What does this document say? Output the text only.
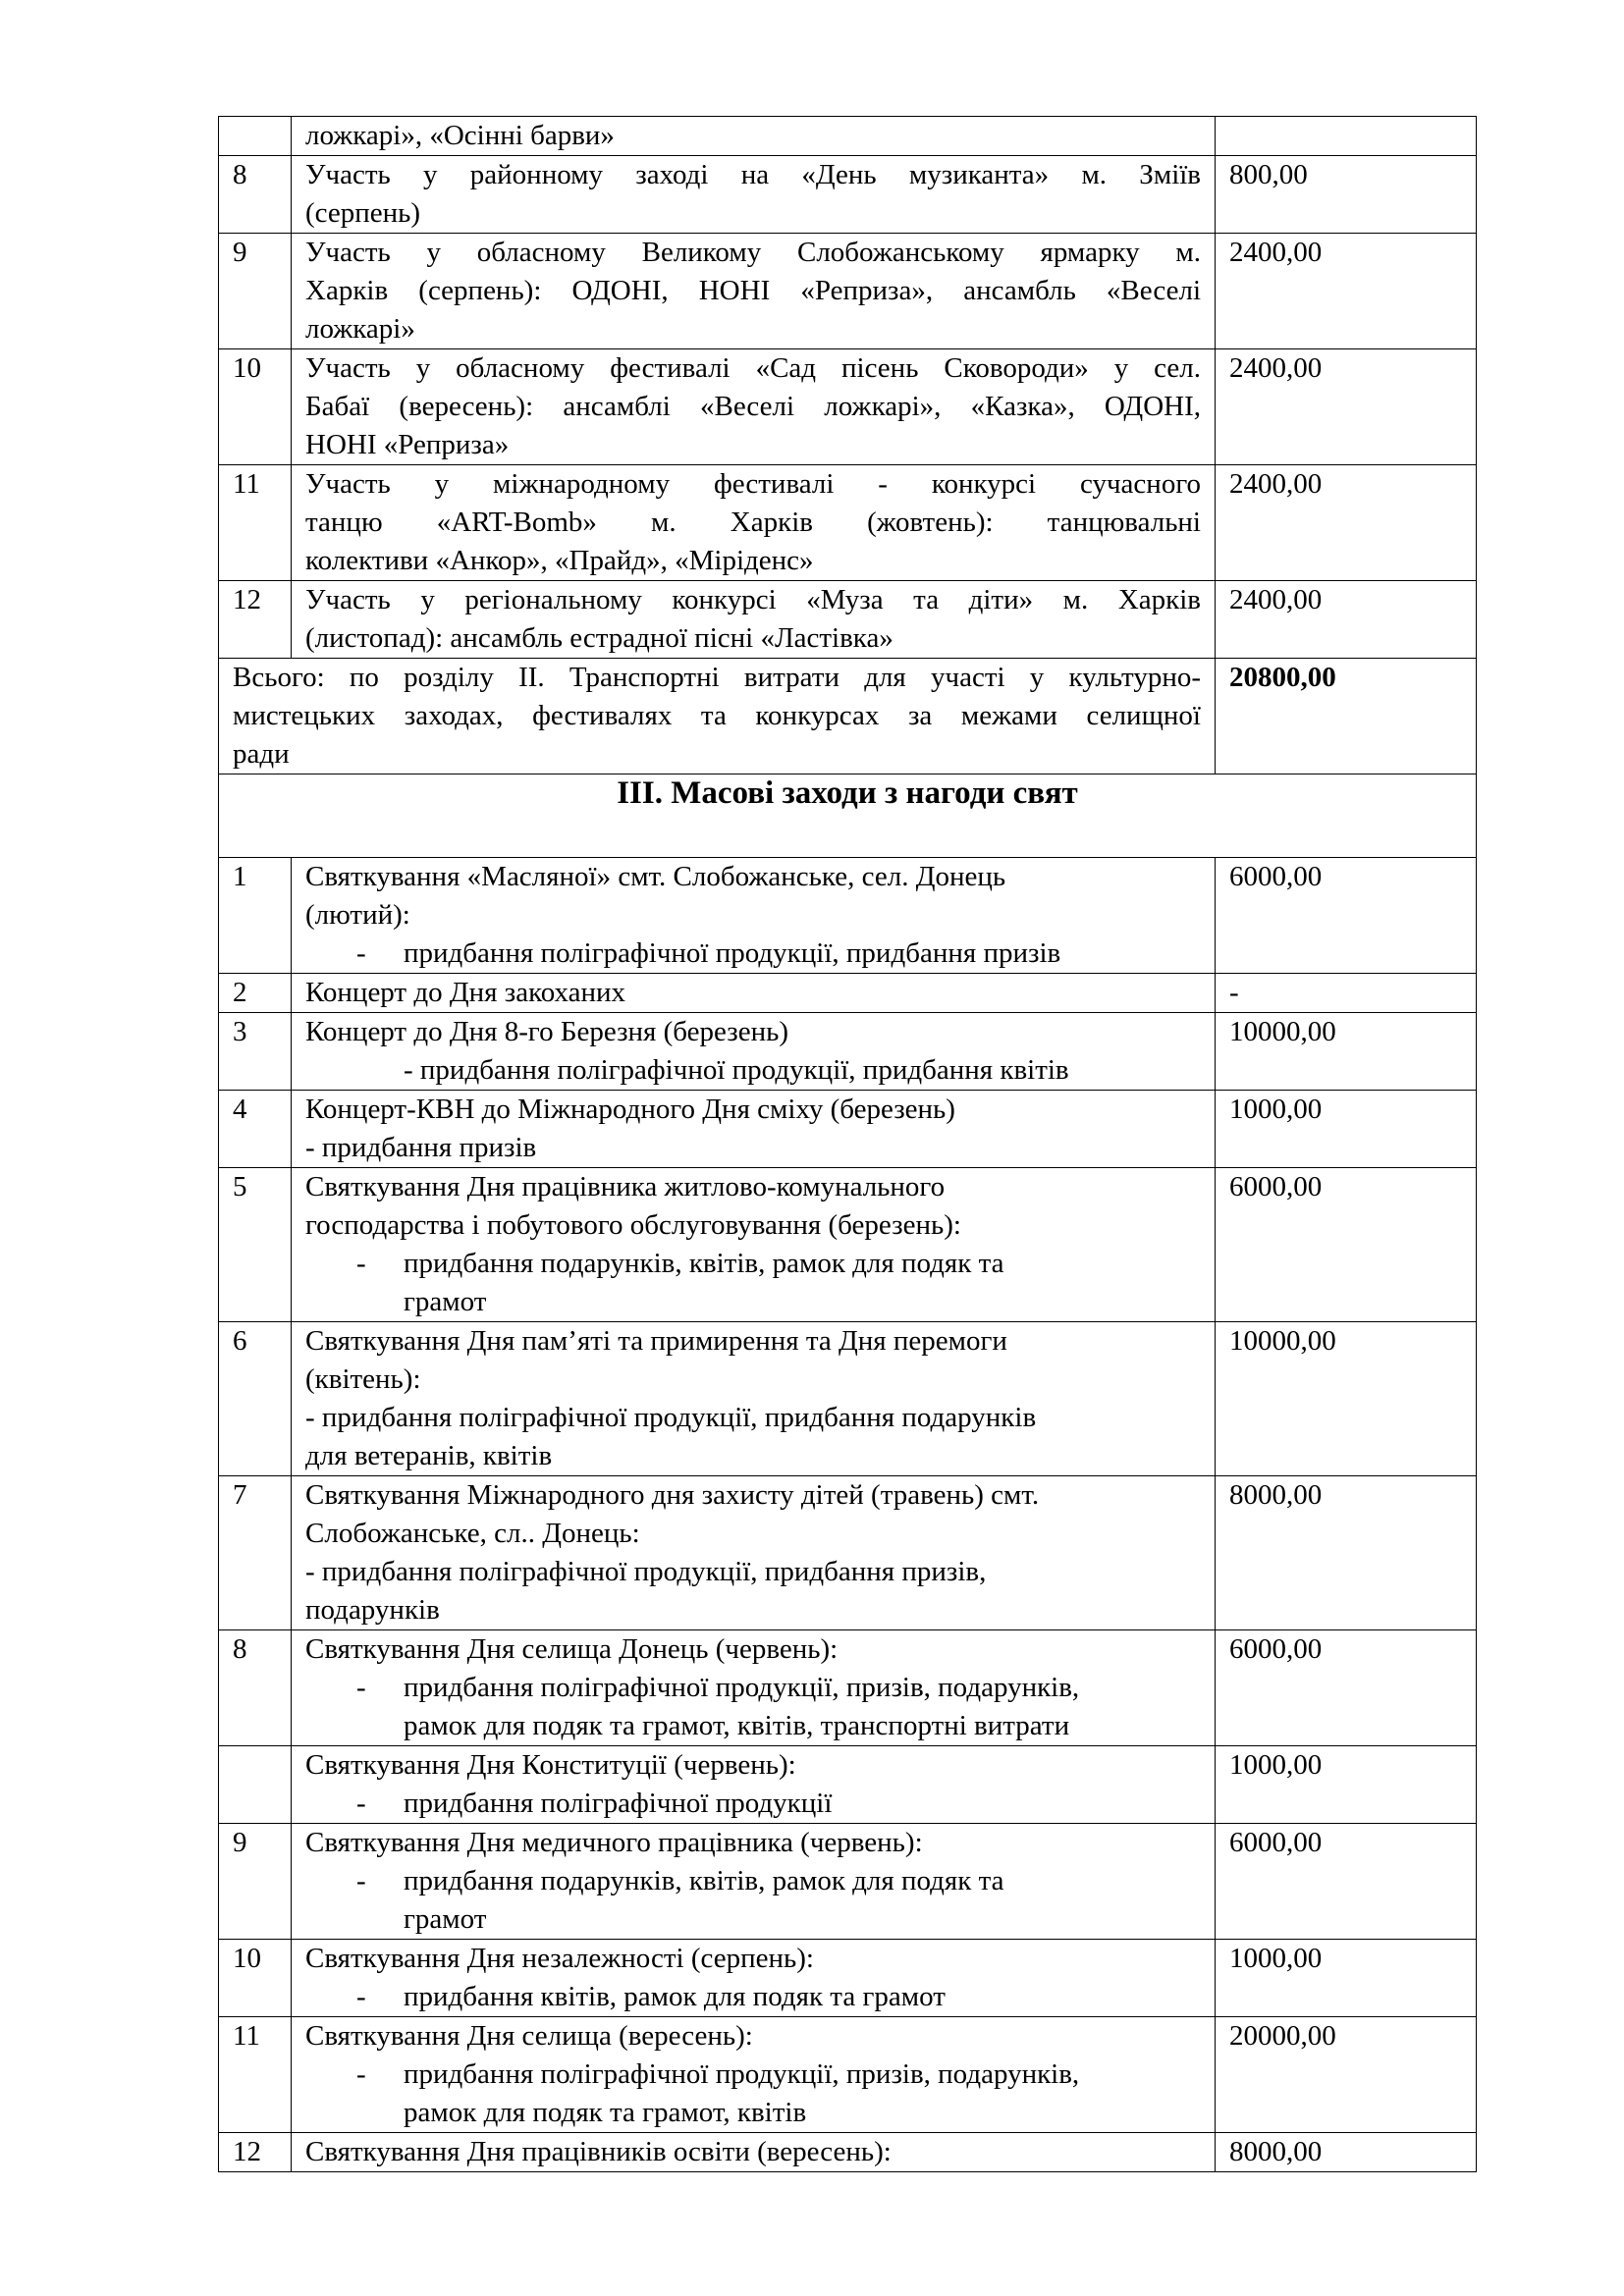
	ложкарі», «Осінні барви»	

8	Участь у районному заході на «День музиканта» м. Зміїв
(серпень)	800,00
9	Участь у обласному Великому Слобожанському ярмарку м.
Харків (серпень): ОДОНІ, НОНІ «Реприза», ансамбль «Веселі
ложкарі»	2400,00
10	Участь у обласному фестивалі «Сад пісень Сковороди» у сел.
Бабаї (вересень): ансамблі «Веселі ложкарі», «Казка», ОДОНІ,
НОНІ «Реприза»	2400,00
11	Участь у міжнародному фестивалі - конкурсі сучасного
танцю «ART-Bomb» м. Харків (жовтень): танцювальні
колективи «Анкор», «Прайд», «Міріденс»	2400,00
12	Участь у регіональному конкурсі «Муза та діти» м. Харків
(листопад): ансамбль естрадної пісні «Ластівка»	2400,00

Всього: по розділу ІІ. Транспортні витрати для участі у культурно-
мистецьких заходах, фестивалях та конкурсах за межами селищної
ради		20800,00
ІІІ. Масові заходи з нагоди свят		
1	Святкування «Масляної» смт. Слобожанське, сел. Донець
(лютий):
- придбання поліграфічної продукції, придбання призів	6000,00
2	Концерт до Дня закоханих	-
3	Концерт до Дня 8-го Березня (березень)
- придбання поліграфічної продукції, придбання квітів	10000,00
4	Концерт-КВН до Міжнародного Дня сміху (березень)
- придбання призів	1000,00
5	Святкування Дня працівника житлово-комунального
господарства і побутового обслуговування (березень):
- придбання подарунків, квітів, рамок для подяк та
грамот	6000,00
6	Святкування Дня пам’яті та примирення та Дня перемоги
(квітень):
- придбання поліграфічної продукції, придбання подарунків
для ветеранів, квітів	10000,00
7	Святкування Міжнародного дня захисту дітей (травень) смт.
Слобожанське, сл.. Донець:
- придбання поліграфічної продукції, придбання призів,
подарунків	8000,00
8	Святкування Дня селища Донець (червень):
- придбання поліграфічної продукції, призів, подарунків,
рамок для подяк та грамот, квітів, транспортні витрати	6000,00

	Святкування Дня Конституції (червень):
- придбання поліграфічної продукції	1000,00
9	Святкування Дня медичного працівника (червень):
- придбання подарунків, квітів, рамок для подяк та
грамот	6000,00
10	Святкування Дня незалежності (серпень):
- придбання квітів, рамок для подяк та грамот	1000,00
11	Святкування Дня селища (вересень):
- придбання поліграфічної продукції, призів, подарунків,
рамок для подяк та грамот, квітів	20000,00
12	Святкування Дня працівників освіти (вересень):	8000,00
